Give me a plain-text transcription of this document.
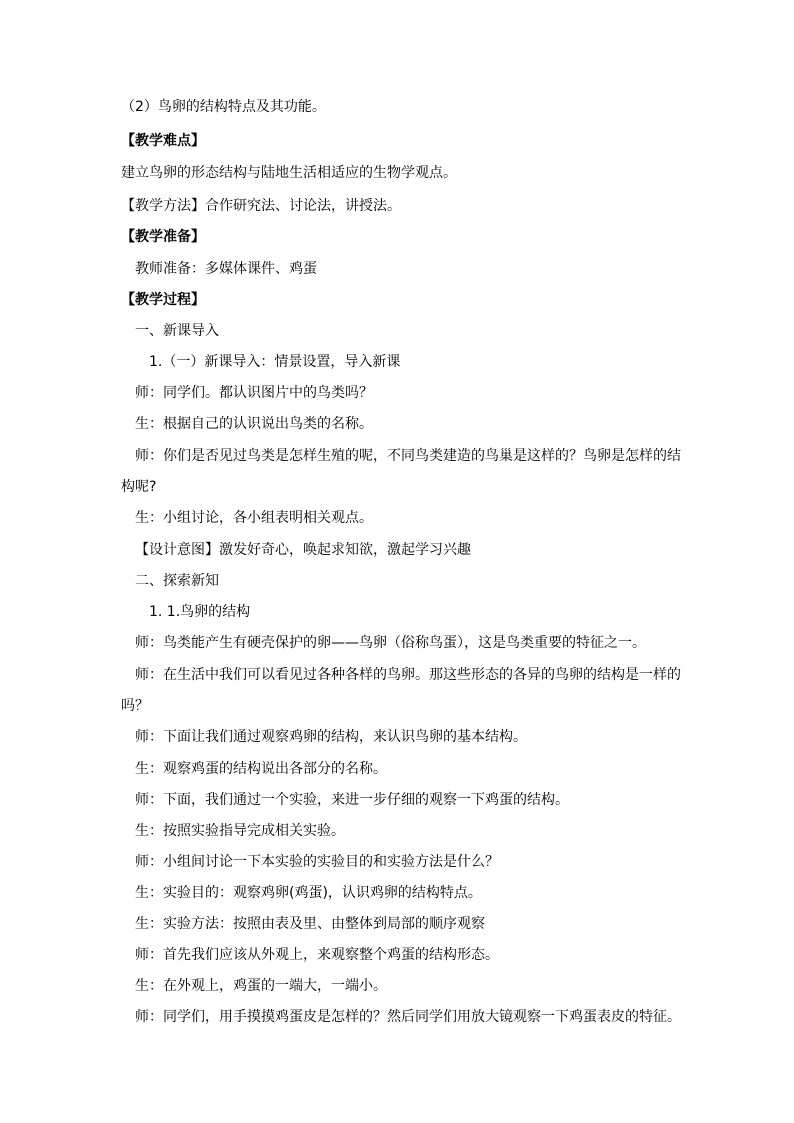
（2）鸟卵的结构特点及其功能。
【教学难点】
建立鸟卵的形态结构与陆地生活相适应的生物学观点。
【教学方法】合作研究法、讨论法，讲授法。
【教学准备】
教师准备：多媒体课件、鸡蛋
【教学过程】
一、新课导入
1.（一）新课导入：情景设置，导入新课
师：同学们。都认识图片中的鸟类吗？
生：根据自己的认识说出鸟类的名称。
师：你们是否见过鸟类是怎样生殖的呢，不同鸟类建造的鸟巢是这样的？鸟卵是怎样的结
构呢?
生：小组讨论，各小组表明相关观点。
【设计意图】激发好奇心，唤起求知欲，激起学习兴趣
二、探索新知
1. 1.鸟卵的结构
师：鸟类能产生有硬壳保护的卵——鸟卵（俗称鸟蛋），这是鸟类重要的特征之一。
师：在生活中我们可以看见过各种各样的鸟卵。那这些形态的各异的鸟卵的结构是一样的
吗？
师：下面让我们通过观察鸡卵的结构，来认识鸟卵的基本结构。
生：观察鸡蛋的结构说出各部分的名称。
师：下面，我们通过一个实验，来进一步仔细的观察一下鸡蛋的结构。
生：按照实验指导完成相关实验。
师：小组间讨论一下本实验的实验目的和实验方法是什么？
生：实验目的：观察鸡卵(鸡蛋)，认识鸡卵的结构特点。
生：实验方法：按照由表及里、由整体到局部的顺序观察
师：首先我们应该从外观上，来观察整个鸡蛋的结构形态。
生：在外观上，鸡蛋的一端大，一端小。
师：同学们，用手摸摸鸡蛋皮是怎样的？然后同学们用放大镜观察一下鸡蛋表皮的特征。
